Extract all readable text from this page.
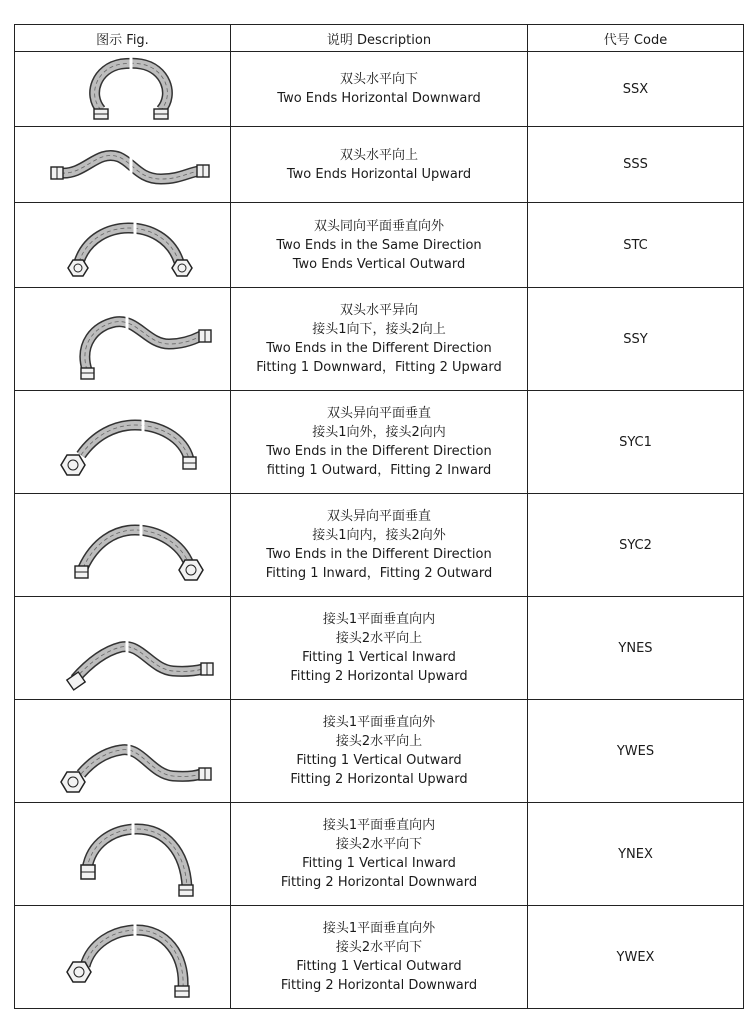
图示 Fig.	说明 Description	代号 Code

双头水平向下
Two Ends Horizontal Downward	SSX

双头水平向上
Two Ends Horizontal Upward	SSS

双头同向平面垂直向外
Two Ends in the Same Direction
Two Ends Vertical Outward	STC

双头水平异向
接头1向下，接头2向上
Two Ends in the Different Direction
Fitting 1 Downward，Fitting 2 Upward	SSY

双头异向平面垂直
接头1向外，接头2向内
Two Ends in the Different Direction
fitting 1 Outward，Fitting 2 Inward	SYC1

双头异向平面垂直
接头1向内，接头2向外
Two Ends in the Different Direction
Fitting 1 Inward，Fitting 2 Outward	SYC2

接头1平面垂直向内
接头2水平向上
Fitting 1 Vertical Inward
Fitting 2 Horizontal Upward	YNES

接头1平面垂直向外
接头2水平向上
Fitting 1 Vertical Outward
Fitting 2 Horizontal Upward	YWES

接头1平面垂直向内
接头2水平向下
Fitting 1 Vertical Inward
Fitting 2 Horizontal Downward	YNEX

接头1平面垂直向外
接头2水平向下
Fitting 1 Vertical Outward
Fitting 2 Horizontal Downward	YWEX
